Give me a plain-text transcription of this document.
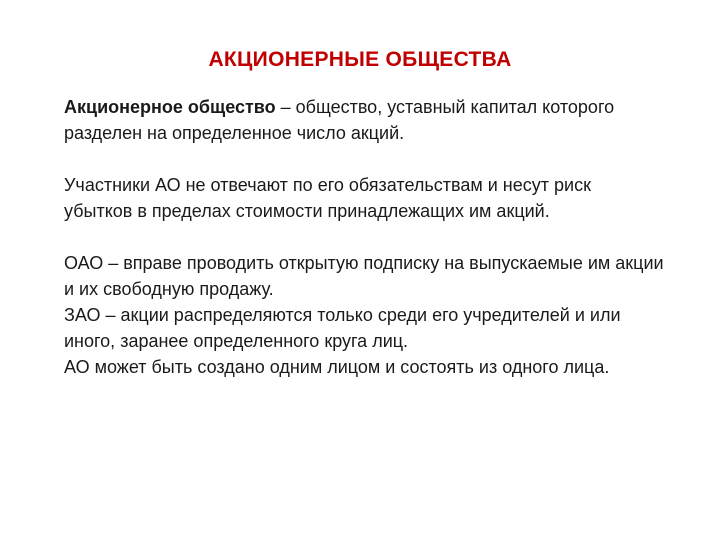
АКЦИОНЕРНЫЕ ОБЩЕСТВА

Акционерное общество – общество, уставный капитал которого разделен на определенное число акций.

Участники АО не отвечают по его обязательствам и несут риск убытков в пределах стоимости принадлежащих им акций.

ОАО – вправе проводить открытую подписку на выпускаемые им акции и их свободную продажу.

ЗАО – акции распределяются только среди его учредителей и или иного, заранее определенного круга лиц.

АО может быть создано одним лицом и состоять из одного лица.
